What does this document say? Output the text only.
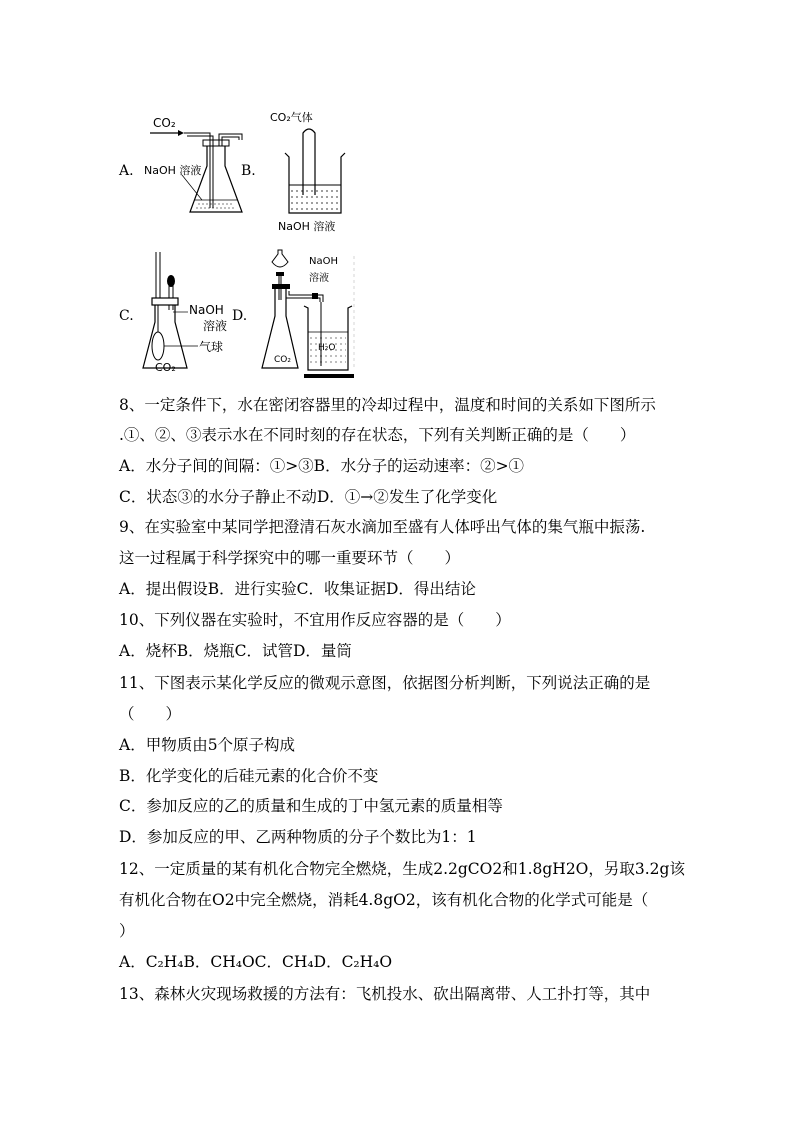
A.
CO₂
NaOH 溶液	B.
CO₂气体
NaOH 溶液
C.	NaOH
溶液
D.
气球
CO₂
NaOH
溶液
CO₂
H₂O
8、一定条件下，水在密闭容器里的冷却过程中，温度和时间的关系如下图所示
.①、②、③表示水在不同时刻的存在状态，下列有关判断正确的是（　　）
A．水分子间的间隔：①>③B．水分子的运动速率：②>①
C．状态③的水分子静止不动D．①→②发生了化学变化
9、在实验室中某同学把澄清石灰水滴加至盛有人体呼出气体的集气瓶中振荡.
这一过程属于科学探究中的哪一重要环节（　　）
A．提出假设B．进行实验C．收集证据D．得出结论
10、下列仪器在实验时，不宜用作反应容器的是（　　）
A．烧杯B．烧瓶C．试管D．量筒
11、下图表示某化学反应的微观示意图，依据图分析判断，下列说法正确的是
（　　）
A．甲物质由5个原子构成
B．化学变化的后硅元素的化合价不变
C．参加反应的乙的质量和生成的丁中氢元素的质量相等
D．参加反应的甲、乙两种物质的分子个数比为1：1
12、一定质量的某有机化合物完全燃烧，生成2.2gCO2和1.8gH2O，另取3.2g该
有机化合物在O2中完全燃烧，消耗4.8gO2，该有机化合物的化学式可能是（
）
A．C₂H₄B．CH₄OC．CH₄D．C₂H₄O
13、森林火灾现场救援的方法有：飞机投水、砍出隔离带、人工扑打等，其中
